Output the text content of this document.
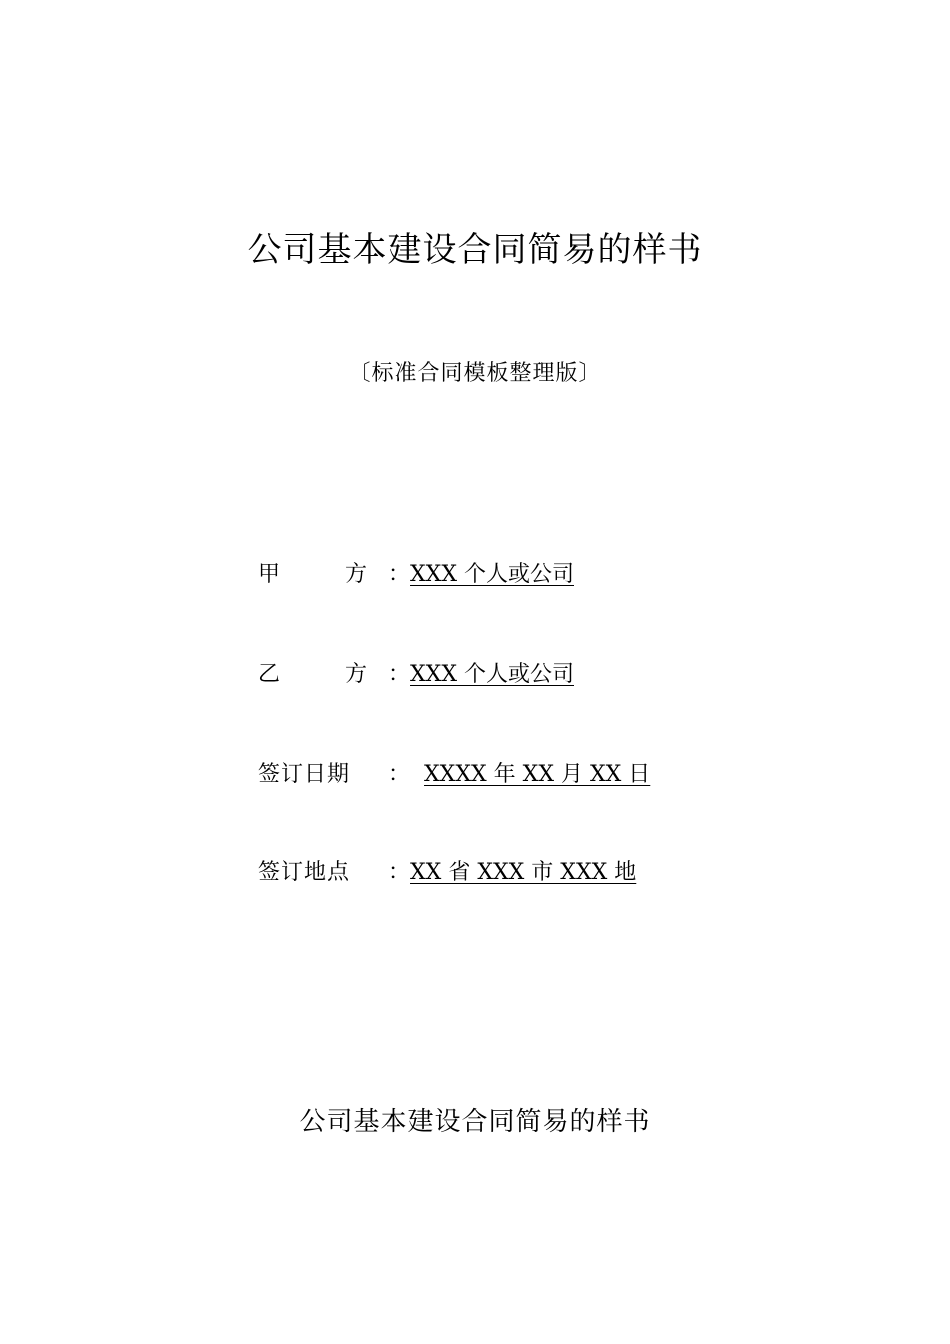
公司基本建设合同简易的样书
〔标准合同模板整理版〕
甲	方 ： XXX 个人或公司
乙	方 ： XXX 个人或公司
签订日期	： XXXX 年 XX 月 XX 日
签订地点	： XX 省 XXX 市 XXX 地
公司基本建设合同简易的样书
